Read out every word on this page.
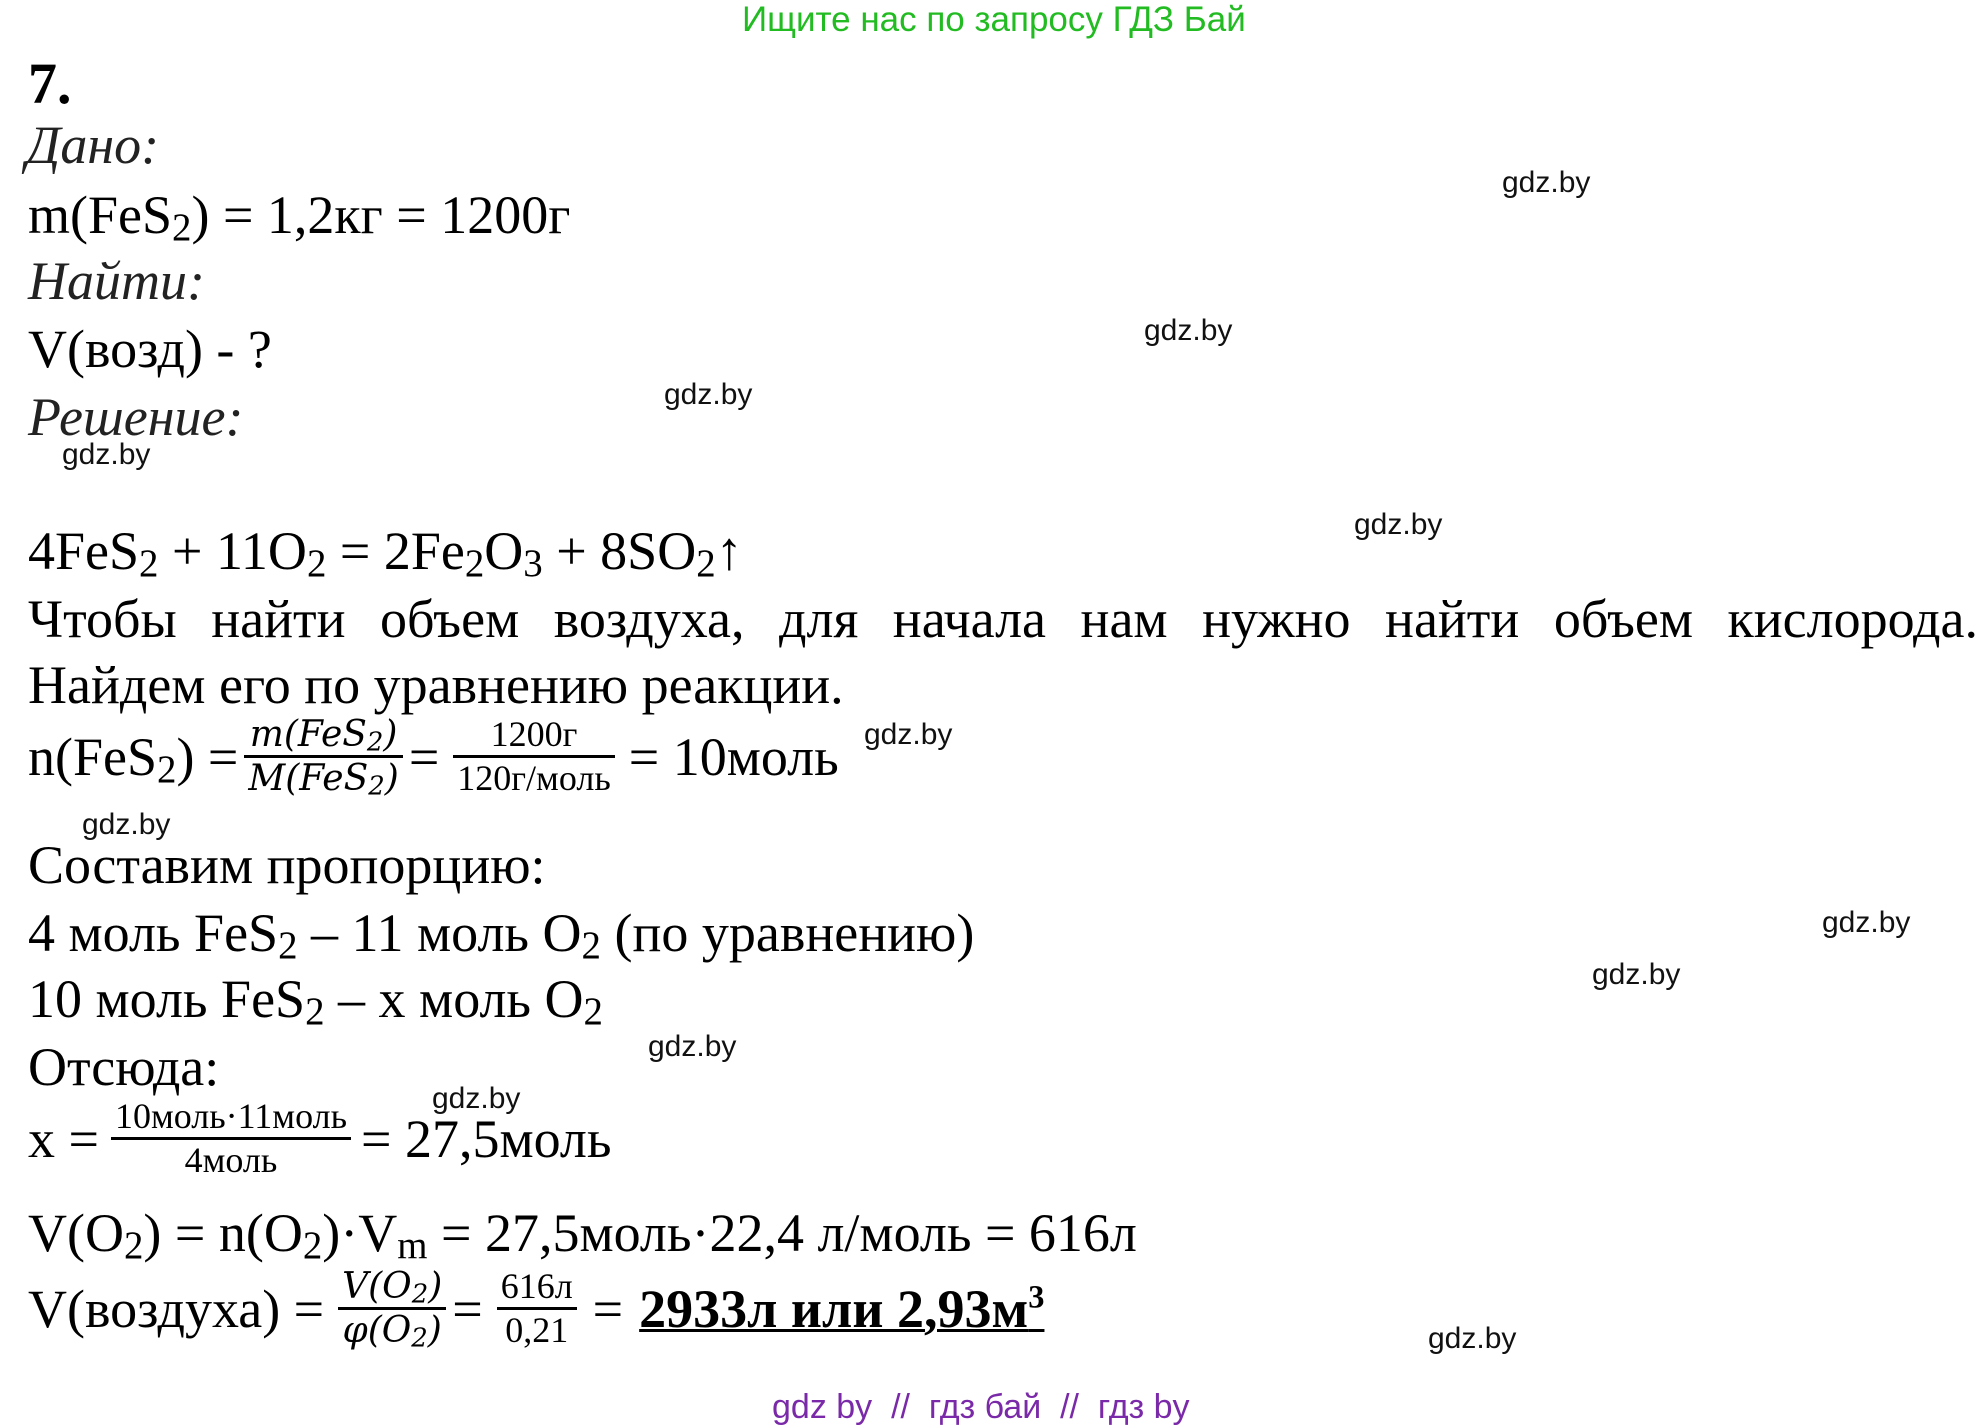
Ищите нас по запросу ГДЗ Бай
7.
Дано:
m(FeS$_2$) = 1,2кг = 1200г
Найти:
V(возд) - ?
Решение:
$4FeS_2 + 11O_2 = 2Fe_2O_3$ + $8SO_2↑$
Чтобы найти объем воздуха, для начала нам нужно найти объем кислорода.
Найдем его по уравнению реакции.
$n(FeS_2) = \frac{m(FeS_2)}{M(FeS_2)} = \frac{1200г}{\text{120г/моль}}$ = 10моль
Составим пропорцию:
4 моль FeS$_2$ – 11 моль $O_2$ (по уравнению)
10 моль FeS$_2$ – x моль $O_2$
Отсюда:
$x = \frac{\text{10моль·11моль}}{\text{4моль}}$ = 27,5моль
$V(O_2) = n(O_2)\cdot V_m$ = 27,5моль·22,4 л/моль = 616л
V(воздуха) = $\frac{V(O_2)}{\varphi(O_2)} = \frac{616л}{0,21} = 2933л$ или $2,93м^3$
gdz.by
gdz.by
gdz.by
gdz.by
gdz.by
gdz.by
gdz.by
gdz.by
gdz.by
gdz.by
gdz.by
gdz.by
gdz by  //  гдз бай  //  гдз by
